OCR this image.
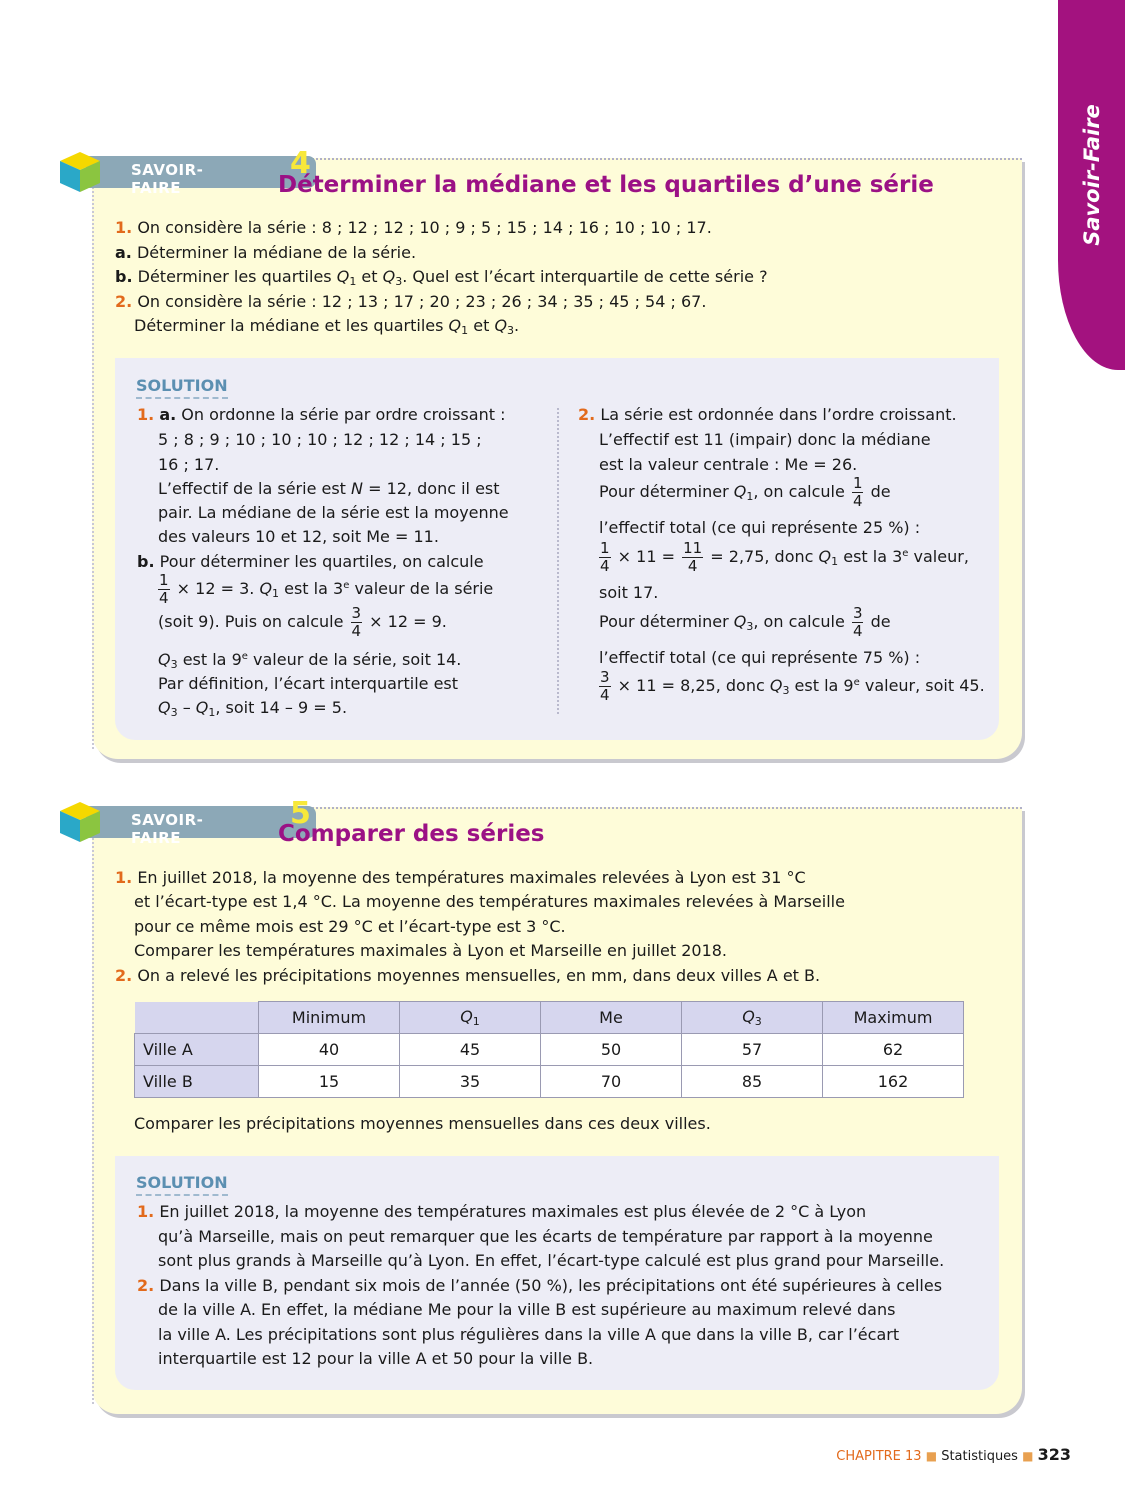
Savoir-Faire
SAVOIR-FAIRE
4
Déterminer la médiane et les quartiles d’une série
1. On considère la série : 8 ; 12 ; 12 ; 10 ; 9 ; 5 ; 15 ; 14 ; 16 ; 10 ; 10 ; 17.
a. Déterminer la médiane de la série.
b. Déterminer les quartiles $Q_1$ et $Q_3$. Quel est l’écart interquartile de cette série ?
2. On considère la série : 12 ; 13 ; 17 ; 20 ; 23 ; 26 ; 34 ; 35 ; 45 ; 54 ; 67.
Déterminer la médiane et les quartiles $Q_1$ et $Q_3$.
SOLUTION
1. a. On ordonne la série par ordre croissant :
5 ; 8 ; 9 ; 10 ; 10 ; 10 ; 12 ; 12 ; 14 ; 15 ;
16 ; 17.
L’effectif de la série est N = 12, donc il est
pair. La médiane de la série est la moyenne
des valeurs 10 et 12, soit Me = 11.
b. Pour déterminer les quartiles, on calcule
$\frac{1}{4} \times 12 = 3$. $Q_1$ est la 3e valeur de la série
(soit 9). Puis on calcule $\frac{3}{4} \times 12 = 9$.
$Q_3$ est la 9e valeur de la série, soit 14.
Par définition, l’écart interquartile est
$Q_3 - Q_1$, soit 14 – 9 = 5.
2. La série est ordonnée dans l’ordre croissant.
L’effectif est 11 (impair) donc la médiane
est la valeur centrale : Me = 26.
Pour déterminer $Q_1$, on calcule $\frac{1}{4}$ de
l’effectif total (ce qui représente 25 %) :
$\frac{1}{4} \times 11 = \frac{11}{4} = 2,75$, donc $Q_1$ est la 3e valeur,
soit 17.
Pour déterminer $Q_3$, on calcule $\frac{3}{4}$ de
l’effectif total (ce qui représente 75 %) :
$\frac{3}{4} \times 11 = 8,25$, donc $Q_3$ est la 9e valeur, soit 45.
SAVOIR-FAIRE
5
Comparer des séries
1. En juillet 2018, la moyenne des températures maximales relevées à Lyon est 31 °C
et l’écart-type est 1,4 °C. La moyenne des températures maximales relevées à Marseille
pour ce même mois est 29 °C et l’écart-type est 3 °C.
Comparer les températures maximales à Lyon et Marseille en juillet 2018.
2. On a relevé les précipitations moyennes mensuelles, en mm, dans deux villes A et B.
	Minimum	$Q_1$	Me	$Q_3$	Maximum
Ville A	40	45	50	57	62
Ville B	15	35	70	85	162
Comparer les précipitations moyennes mensuelles dans ces deux villes.
SOLUTION
1. En juillet 2018, la moyenne des températures maximales est plus élevée de 2 °C à Lyon
qu’à Marseille, mais on peut remarquer que les écarts de température par rapport à la moyenne
sont plus grands à Marseille qu’à Lyon. En effet, l’écart-type calculé est plus grand pour Marseille.
2. Dans la ville B, pendant six mois de l’année (50 %), les précipitations ont été supérieures à celles
de la ville A. En effet, la médiane Me pour la ville B est supérieure au maximum relevé dans
la ville A. Les précipitations sont plus régulières dans la ville A que dans la ville B, car l’écart
interquartile est 12 pour la ville A et 50 pour la ville B.
CHAPITRE 13 ■ Statistiques ■ 323
